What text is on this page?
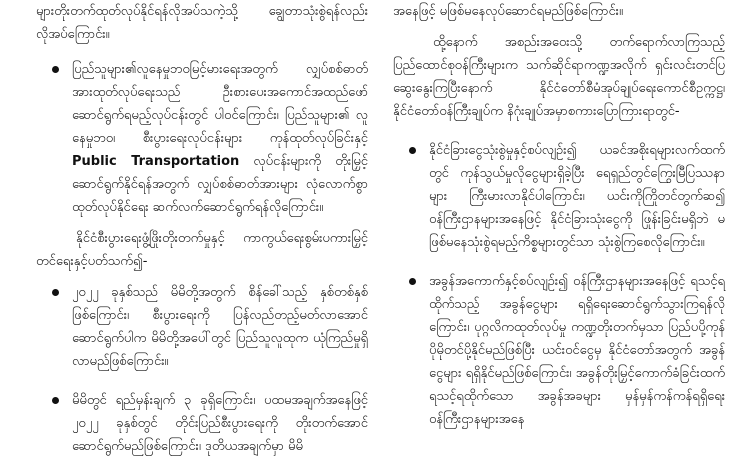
များတိုးတက်ထုတ်လုပ်နိုင်ရန်လိုအပ်သကဲ့သို့ ချွေတာသုံးစွဲရန်လည်း လိုအပ်ကြောင်း။

ပြည်သူများ၏လူနေမှုဘဝမြင့်မားရေးအတွက် လျှပ်စစ်ဓာတ်အားထုတ်လုပ်ရေးသည် ဦးစားပေးအကောင်အထည်ဖော်ဆောင်ရွက်ရမည့်လုပ်ငန်းတွင် ပါဝင်ကြောင်း၊ ပြည်သူများ၏ လူနေမှုဘဝ၊ စီးပွားရေးလုပ်ငန်းများ ကုန်ထုတ်လုပ်ခြင်းနှင့် Public Transportation လုပ်ငန်းများကို တိုးမြှင့်ဆောင်ရွက်နိုင်ရန်အတွက် လျှပ်စစ်ဓာတ်အားများ လုံလောက်စွာထုတ်လုပ်နိုင်ရေး ဆက်လက်ဆောင်ရွက်ရန်လိုကြောင်း။

နိုင်ငံစီးပွားရေးဖွံ့ဖြိုးတိုးတက်မှုနှင့် ကာကွယ်ရေးစွမ်းပကားမြှင့်တင်ရေးနှင့်ပတ်သက်၍-

၂၀၂၂ ခုနှစ်သည် မိမိတို့အတွက် စိန်ခေါ်သည့် နှစ်တစ်နှစ်ဖြစ်ကြောင်း၊ စီးပွားရေးကို ပြန်လည်တည့်မတ်လာအောင်ဆောင်ရွက်ပါက မိမိတို့အပေါ်တွင် ပြည်သူလူထုက ယုံကြည်မှုရှိလာမည်ဖြစ်ကြောင်း။
မိမိတွင် ရည်မှန်းချက် ၃ ခုရှိကြောင်း၊ ပထမအချက်အနေဖြင့် ၂၀၂၂ ခုနှစ်တွင် တိုင်းပြည်စီးပွားရေးကို တိုးတက်အောင်ဆောင်ရွက်မည်ဖြစ်ကြောင်း၊ ဒုတိယအချက်မှာ မိမိ

အနေဖြင့် မဖြစ်မနေလုပ်ဆောင်ရမည်ဖြစ်ကြောင်း။

ထို့နောက် အစည်းအဝေးသို့ တက်ရောက်လာကြသည့်ပြည်ထောင်စုဝန်ကြီးများက သက်ဆိုင်ရာကဏ္ဍအလိုက် ရှင်းလင်းတင်ပြဆွေးနွေးကြပြီးနောက် နိုင်ငံတော်စီမံအုပ်ချုပ်ရေးကောင်စီဥက္ကဋ္ဌ၊ နိုင်ငံတော်ဝန်ကြီးချုပ်က နိဂုံးချုပ်အမှာစကားပြောကြားရာတွင်-

နိုင်ငံခြားငွေသုံးစွဲမှုနှင့်စပ်လျဉ်း၍ ယခင်အစိုးရများလက်ထက်တွင် ကုန်သွယ်မှုလိုငွေများရှိခဲ့ပြီး ရေရှည်တွင်ကြွေးမြီပြဿနာများ ကြီးမားလာနိုင်ပါကြောင်း၊ ယင်းကိုကြိုတင်တွက်ဆ၍ ဝန်ကြီးဌာနများအနေဖြင့် နိုင်ငံခြားသုံးငွေကို ဖြုန်းခြင်းမရှိဘဲ မဖြစ်မနေသုံးစွဲရမည့်ကိစ္စများတွင်သာ သုံးစွဲကြစေလိုကြောင်း။
အခွန်အကောက်နှင့်စပ်လျဉ်း၍ ဝန်ကြီးဌာနများအနေဖြင့် ရသင့်ရထိုက်သည့် အခွန်ငွေများ ရရှိရေးဆောင်ရွက်သွားကြရန်လိုကြောင်း၊ ပုဂ္ဂလိကထုတ်လုပ်မှု ကဏ္ဍတိုးတက်မှသာ ပြည်ပပို့ကုန်ပိုမိုတင်ပို့နိုင်မည်ဖြစ်ပြီး ယင်းဝင်ငွေမှ နိုင်ငံတော်အတွက် အခွန်ငွေများ ရရှိနိုင်မည်ဖြစ်ကြောင်း၊ အခွန်တိုးမြှင့်ကောက်ခံခြင်းထက် ရသင့်ရထိုက်သော အခွန်အခများ မှန်မှန်ကန်ကန်ရရှိရေး ဝန်ကြီးဌာနများအနေ
